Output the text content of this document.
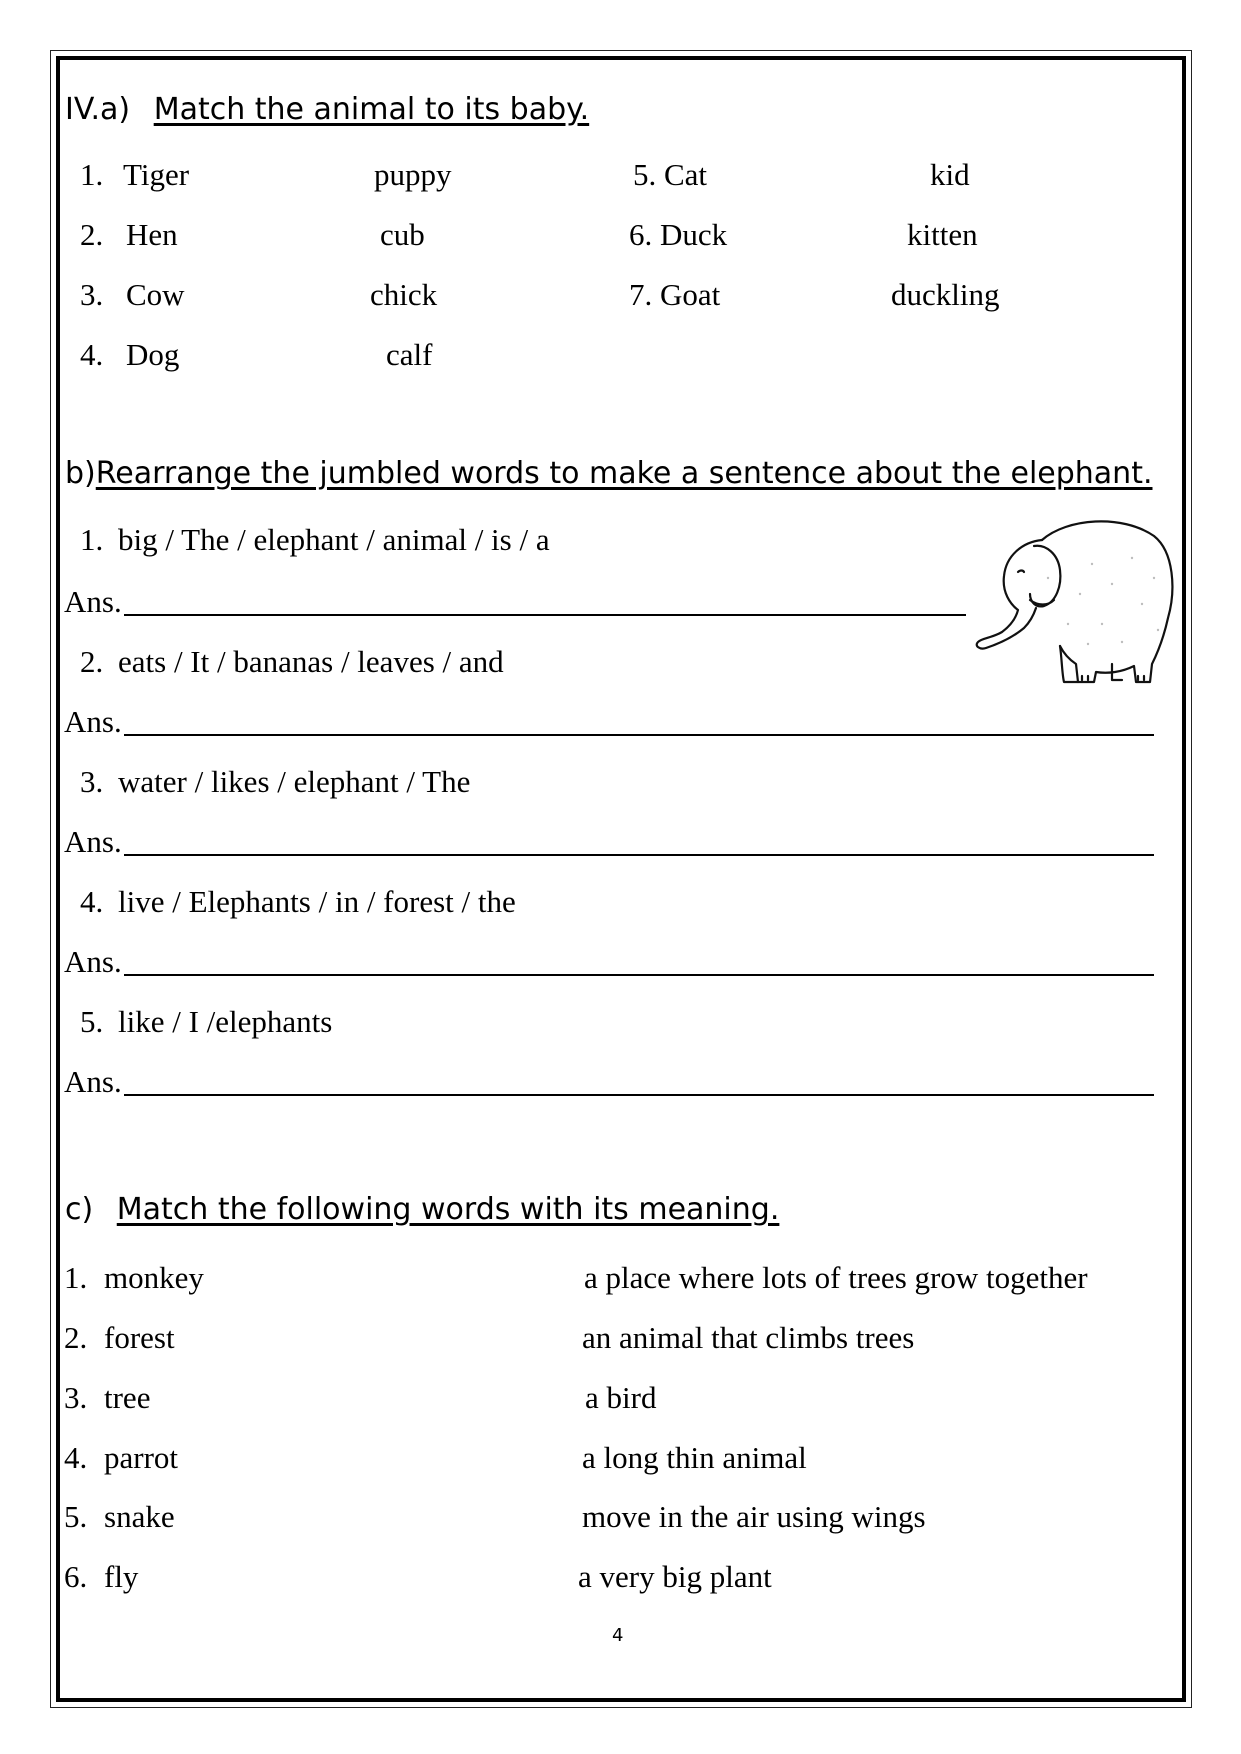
IV.a) Match the animal to its baby.
1. Tiger	puppy	5. Cat	kid
2. Hen	cub	6. Duck	kitten
3. Cow	chick	7. Goat	duckling
4. Dog	calf
b)Rearrange the jumbled words to make a sentence about the elephant.
1. big / The / elephant / animal / is / a
Ans.
2. eats / It / bananas / leaves / and
Ans.
3. water / likes / elephant / The
Ans.
4. live / Elephants / in / forest / the
Ans.
5. like / I /elephants
Ans.
c) Match the following words with its meaning.
1. monkey	a place where lots of trees grow together
2. forest	an animal that climbs trees
3. tree	a bird
4. parrot	a long thin animal
5. snake	move in the air using wings
6. fly	a very big plant
4
